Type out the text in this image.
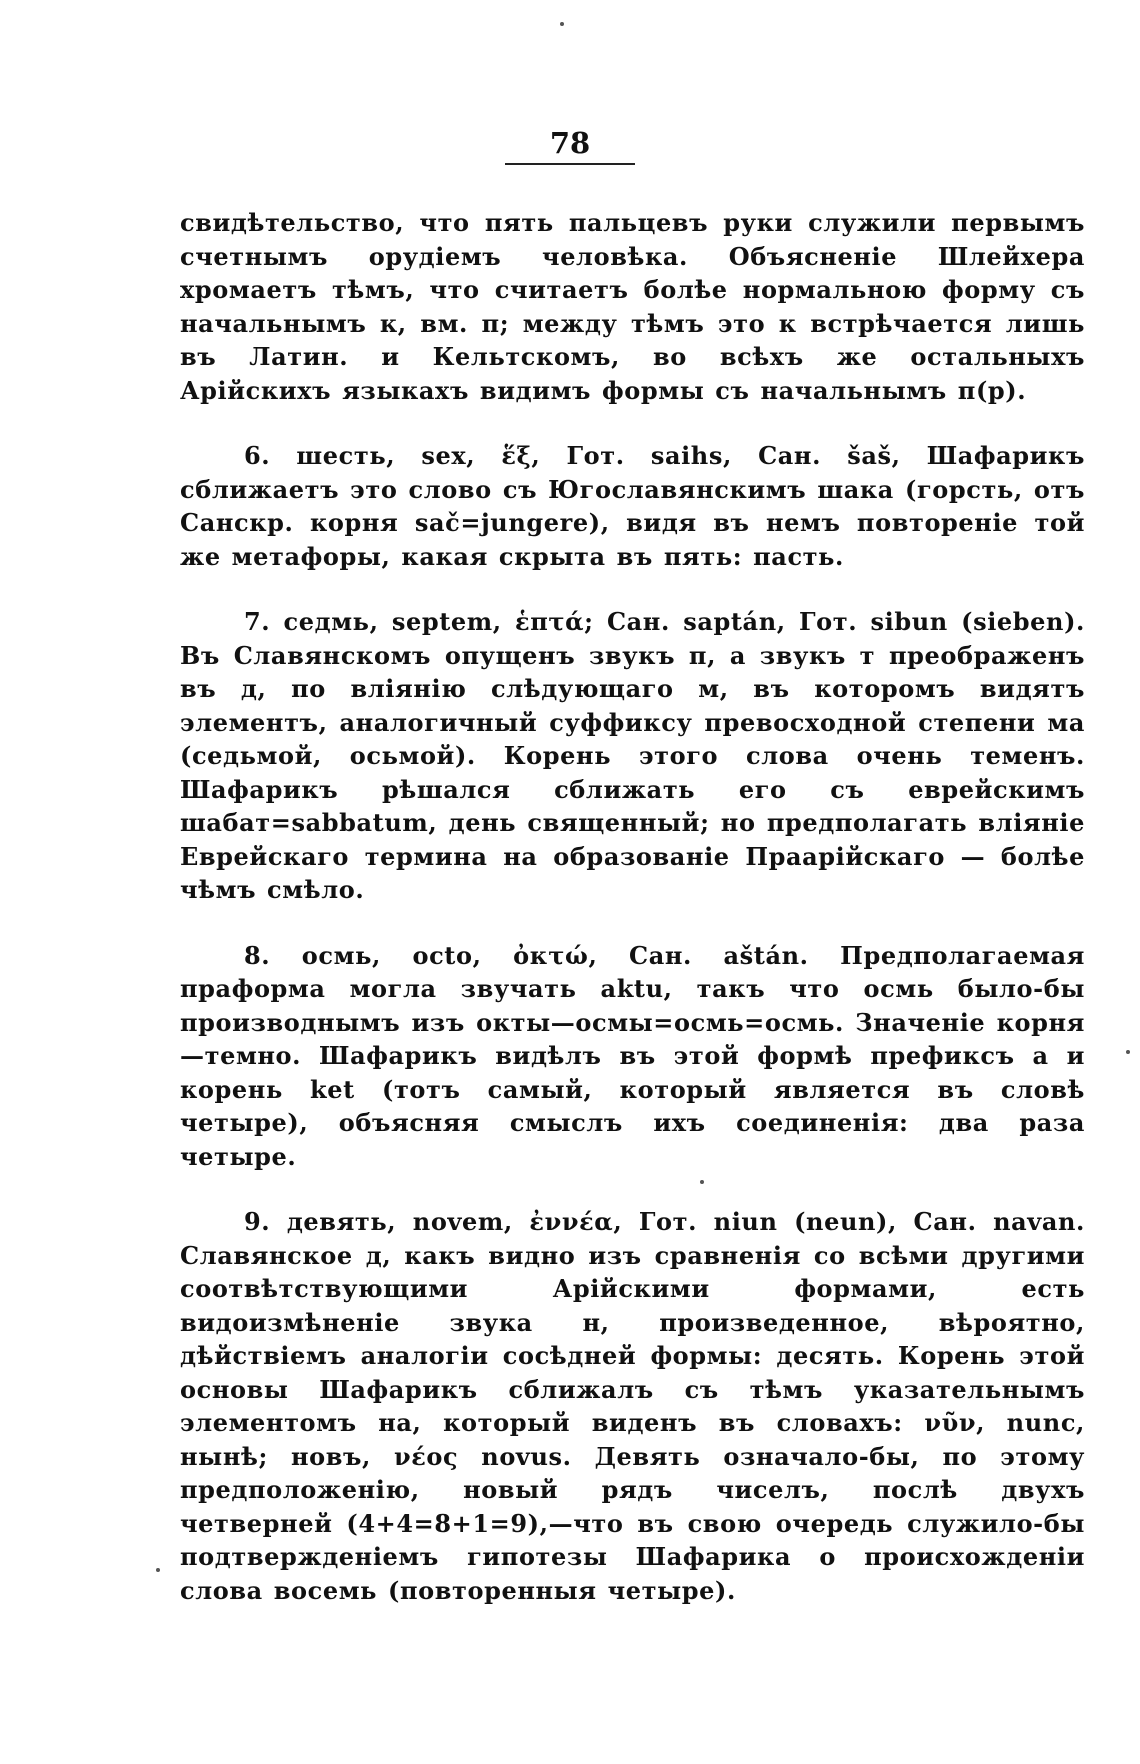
78

свидѣтельство, что пять пальцевъ руки служили первымъ счетнымъ орудіемъ человѣка. Объясненіе Шлейхера хромаетъ тѣмъ, что считаетъ болѣе нормальною форму съ начальнымъ к, вм. п; между тѣмъ это к встрѣчается лишь въ Латин. и Кельтскомъ, во всѣхъ же остальныхъ Арійскихъ языкахъ видимъ формы съ начальнымъ п(р).

6. шесть, sex, ἕξ, Гот. saihs, Сан. šaš, Шафарикъ сближаетъ это слово съ Югославянскимъ шака (горсть, отъ Санскр. корня sač=jungere), видя въ немъ повтореніе той же метафоры, какая скрыта въ пять: пасть.

7. седмь, septem, ἑπτά; Сан. saptán, Гот. sibun (sieben). Въ Славянскомъ опущенъ звукъ п, а звукъ т преображенъ въ д, по вліянію слѣдующаго м, въ которомъ видятъ элементъ, аналогичный суффиксу превосходной степени ма (седьмой, осьмой). Корень этого слова очень теменъ. Шафарикъ рѣшался сближать его съ еврейскимъ шабат=sabbatum, день священный; но предполагать вліяніе Еврейскаго термина на образованіе Праарійскаго — болѣе чѣмъ смѣло.

8. осмь, octo, ὀκτώ, Сан. aštán. Предполагаемая праформа могла звучать aktu, такъ что осмь было-бы производнымъ изъ окты—осмы=осмь=осмь. Значеніе корня—темно. Шафарикъ видѣлъ въ этой формѣ префиксъ а и корень ket (тотъ самый, который является въ словѣ четыре), объясняя смыслъ ихъ соединенія: два раза четыре.

9. девять, novem, ἐννέα, Гот. niun (neun), Сан. navan. Славянское д, какъ видно изъ сравненія со всѣми другими соотвѣтствующими Арійскими формами, есть видоизмѣненіе звука н, произведенное, вѣроятно, дѣйствіемъ аналогіи сосѣдней формы: десять. Корень этой основы Шафарикъ сближалъ съ тѣмъ указательнымъ элементомъ на, который виденъ въ словахъ: νῦν, nunc, нынѣ; новъ, νέος novus. Девять означало-бы, по этому предположенію, новый рядъ чиселъ, послѣ двухъ четверней (4+4=8+1=9),—что въ свою очередь служило-бы подтвержденіемъ гипотезы Шафарика о происхожденіи слова восемь (повторенныя четыре).
